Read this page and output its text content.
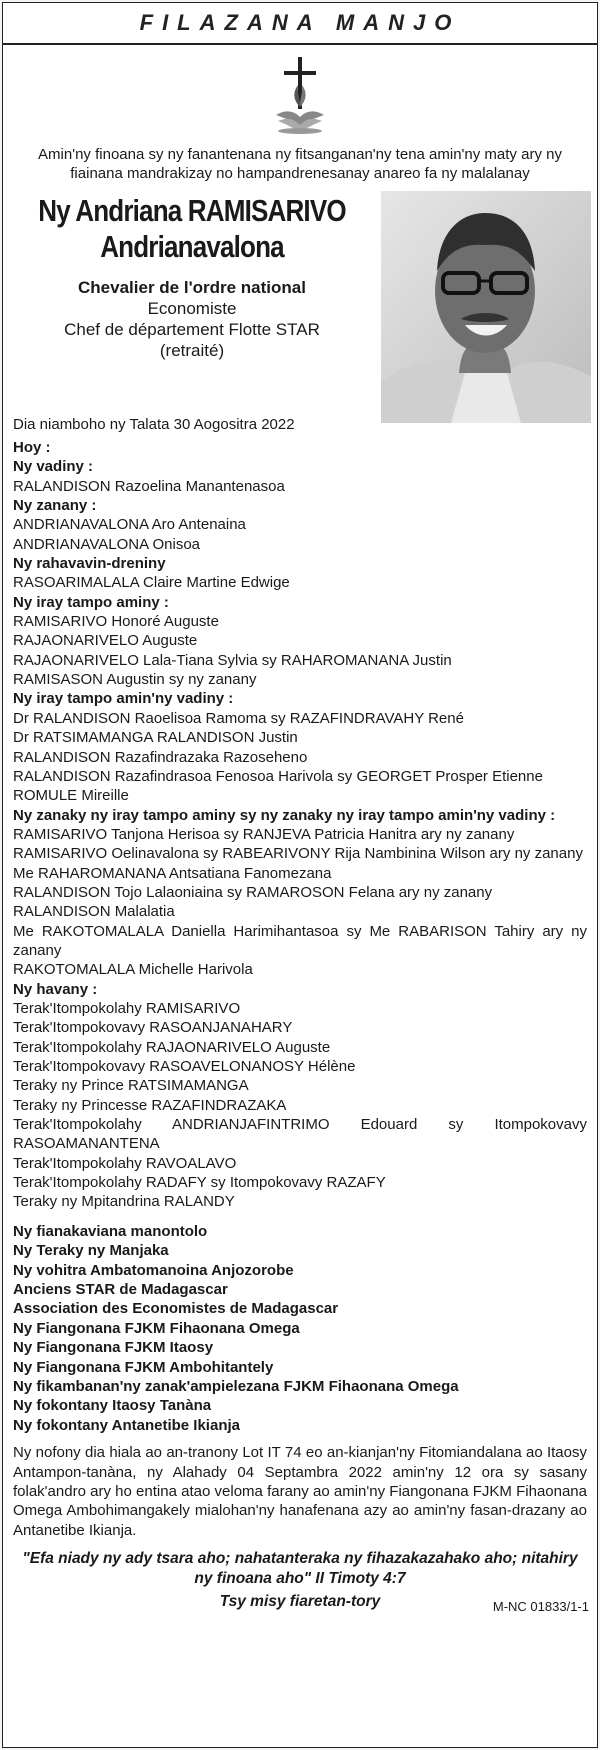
FILAZANA MANJO
Amin'ny finoana sy ny fanantenana ny fitsanganan'ny tena amin'ny maty ary ny fiainana mandrakizay no hampandrenesanay anareo fa ny malalanay
Ny Andriana RAMISARIVO
Andrianavalona
Chevalier de l'ordre national
Economiste
Chef de département Flotte STAR
(retraité)
Dia niamboho ny Talata 30 Aogositra 2022
Hoy :
Ny vadiny :
RALANDISON Razoelina Manantenasoa
Ny zanany :
ANDRIANAVALONA Aro Antenaina
ANDRIANAVALONA Onisoa
Ny rahavavin-dreniny
RASOARIMALALA Claire Martine Edwige
Ny iray tampo aminy :
RAMISARIVO Honoré Auguste
RAJAONARIVELO Auguste
RAJAONARIVELO Lala-Tiana Sylvia sy RAHAROMANANA Justin
RAMISASON Augustin sy ny zanany
Ny iray tampo amin'ny vadiny :
Dr RALANDISON Raoelisoa Ramoma sy RAZAFINDRAVAHY René
Dr RATSIMAMANGA RALANDISON Justin
RALANDISON Razafindrazaka Razoseheno
RALANDISON Razafindrasoa Fenosoa Harivola sy GEORGET Prosper Etienne
ROMULE Mireille
Ny zanaky ny iray tampo aminy sy ny zanaky ny iray tampo amin'ny vadiny :
RAMISARIVO Tanjona Herisoa sy RANJEVA Patricia Hanitra ary ny zanany
RAMISARIVO Oelinavalona sy RABEARIVONY Rija Nambinina Wilson ary ny zanany
Me RAHAROMANANA Antsatiana Fanomezana
RALANDISON Tojo Lalaoniaina sy RAMAROSON Felana ary ny zanany
RALANDISON Malalatia
Me RAKOTOMALALA Daniella Harimihantasoa sy Me RABARISON Tahiry ary ny zanany
RAKOTOMALALA Michelle Harivola
Ny havany :
Terak'Itompokolahy RAMISARIVO
Terak'Itompokovavy RASOANJANAHARY
Terak'Itompokolahy RAJAONARIVELO Auguste
Terak'Itompokovavy RASOAVELONANOSY Hélène
Teraky ny Prince RATSIMAMANGA
Teraky ny Princesse RAZAFINDRAZAKA
Terak'Itompokolahy ANDRIANJAFINTRIMO Edouard sy Itompokovavy RASOAMANANTENA
Terak'Itompokolahy RAVOALAVO
Terak'Itompokolahy RADAFY sy Itompokovavy RAZAFY
Teraky ny Mpitandrina RALANDY
Ny fianakaviana manontolo
Ny Teraky ny Manjaka
Ny vohitra Ambatomanoina Anjozorobe
Anciens STAR de Madagascar
Association des Economistes de Madagascar
Ny Fiangonana FJKM Fihaonana Omega
Ny Fiangonana FJKM Itaosy
Ny Fiangonana FJKM Ambohitantely
Ny fikambanan'ny zanak'ampielezana FJKM Fihaonana Omega
Ny fokontany Itaosy Tanàna
Ny fokontany Antanetibe Ikianja
Ny nofony dia hiala ao an-tranony Lot IT 74 eo an-kianjan'ny Fitomiandalana ao Itaosy Antampon-tanàna, ny Alahady 04 Septambra 2022 amin'ny 12 ora sy sasany folak'andro ary ho entina atao veloma farany ao amin'ny Fiangonana FJKM Fihaonana Omega Ambohimangakely mialohan'ny hanafenana azy ao amin'ny fasan-drazany ao Antanetibe Ikianja.
"Efa niady ny ady tsara aho; nahatanteraka ny fihazakazahako aho; nitahiry ny finoana aho" II Timoty 4:7
Tsy misy fiaretan-tory	M-NC 01833/1-1
